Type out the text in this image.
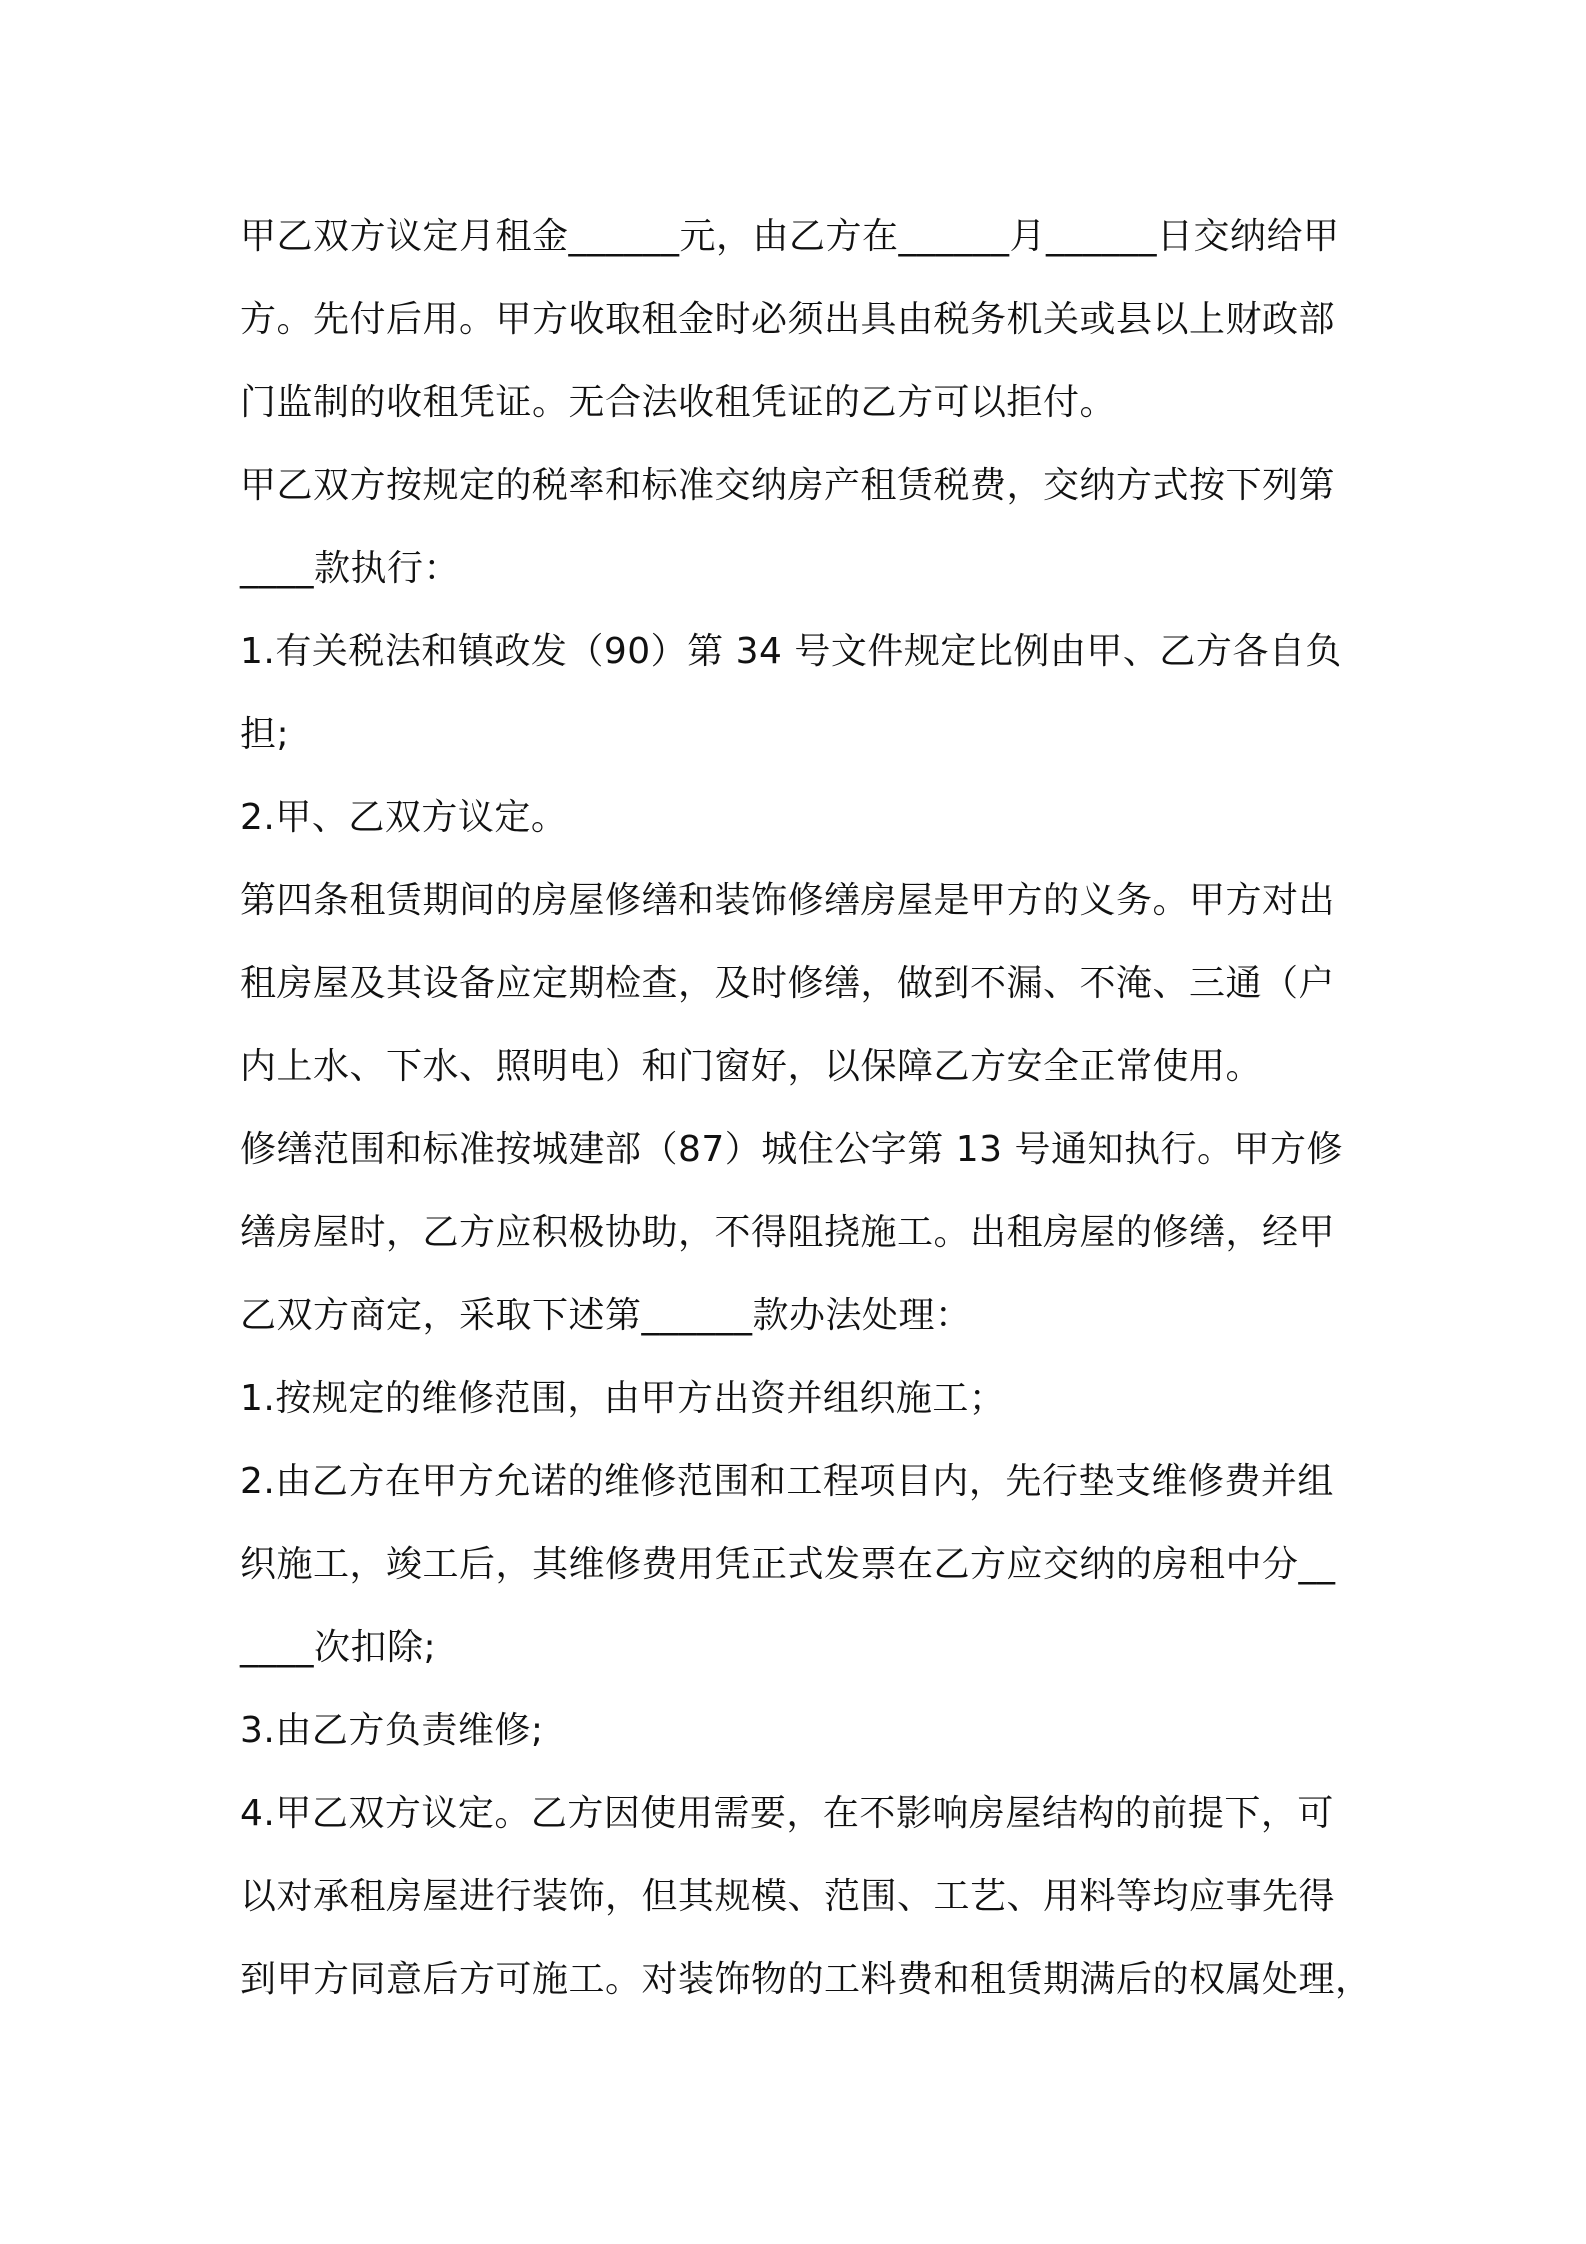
甲乙双方议定月租金______元，由乙方在______月______日交纳给甲
方。先付后用。甲方收取租金时必须出具由税务机关或县以上财政部
门监制的收租凭证。无合法收租凭证的乙方可以拒付。
甲乙双方按规定的税率和标准交纳房产租赁税费，交纳方式按下列第
____款执行：
1.有关税法和镇政发（90）第 34 号文件规定比例由甲、乙方各自负
担;
2.甲、乙双方议定。
第四条租赁期间的房屋修缮和装饰修缮房屋是甲方的义务。甲方对出
租房屋及其设备应定期检查，及时修缮，做到不漏、不淹、三通（户
内上水、下水、照明电）和门窗好，以保障乙方安全正常使用。
修缮范围和标准按城建部（87）城住公字第 13 号通知执行。甲方修
缮房屋时，乙方应积极协助，不得阻挠施工。出租房屋的修缮，经甲
乙双方商定，采取下述第______款办法处理：
1.按规定的维修范围，由甲方出资并组织施工；
2.由乙方在甲方允诺的维修范围和工程项目内，先行垫支维修费并组
织施工，竣工后，其维修费用凭正式发票在乙方应交纳的房租中分__
____次扣除;
3.由乙方负责维修;
4.甲乙双方议定。乙方因使用需要，在不影响房屋结构的前提下，可
以对承租房屋进行装饰，但其规模、范围、工艺、用料等均应事先得
到甲方同意后方可施工。对装饰物的工料费和租赁期满后的权属处理，
